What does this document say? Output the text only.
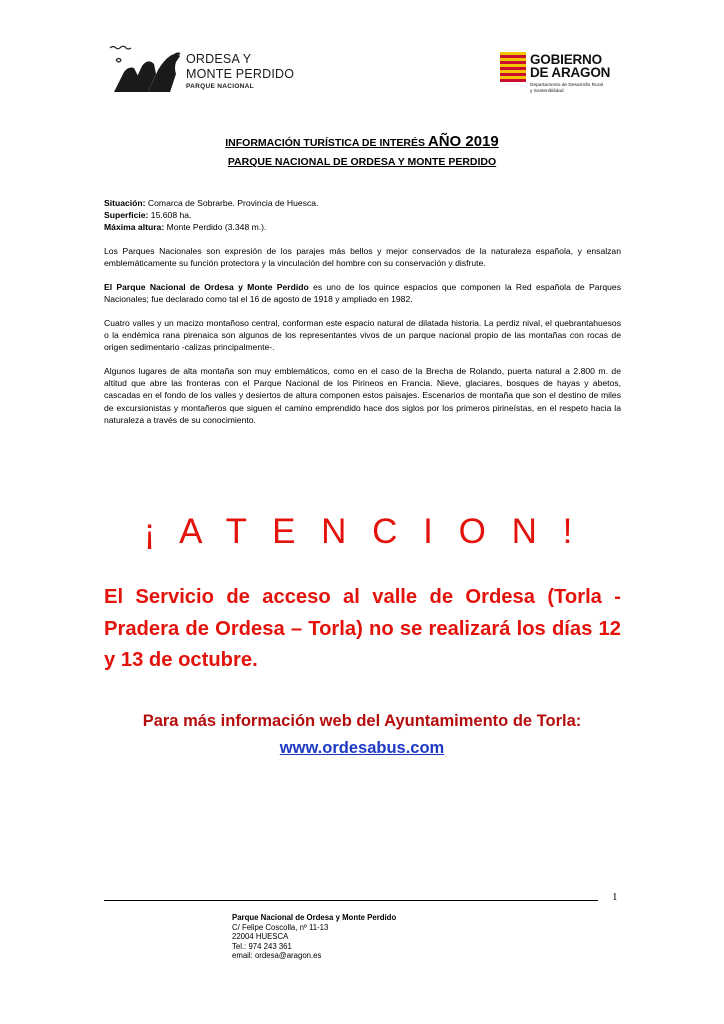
ORDESA Y
MONTE PERDIDO
PARQUE NACIONAL
GOBIERNO
DE ARAGON
Departamento de Desarrollo Rural
y Sostenibilidad
INFORMACIÓN TURÍSTICA DE INTERÉS AÑO 2019
PARQUE NACIONAL DE ORDESA Y MONTE PERDIDO
Situación: Comarca de Sobrarbe. Provincia de Huesca.
Superficie: 15.608 ha.
Máxima altura: Monte Perdido (3.348 m.).

Los Parques Nacionales son expresión de los parajes más bellos y mejor conservados de la naturaleza española, y ensalzan emblemáticamente su función protectora y la vinculación del hombre con su conservación y disfrute.

El Parque Nacional de Ordesa y Monte Perdido es uno de los quince espacios que componen la Red española de Parques Nacionales; fue declarado como tal el 16 de agosto de 1918 y ampliado en 1982.

Cuatro valles y un macizo montañoso central, conforman este espacio natural de dilatada historia. La perdiz nival, el quebrantahuesos o la endémica rana pirenaica son algunos de los representantes vivos de un parque nacional propio de las montañas con rocas de origen sedimentario -calizas principalmente-.

Algunos lugares de alta montaña son muy emblemáticos, como en el caso de la Brecha de Rolando, puerta natural a 2.800 m. de altitud que abre las fronteras con el Parque Nacional de los Pirineos en Francia. Nieve, glaciares, bosques de hayas y abetos, cascadas en el fondo de los valles y desiertos de altura componen estos paisajes. Escenarios de montaña que son el destino de miles de excursionistas y montañeros que siguen el camino emprendido hace dos siglos por los primeros pirineístas, en el respeto hacia la naturaleza a través de su conocimiento.

¡ A T E N C I O N !
El Servicio de acceso al valle de Ordesa (Torla - Pradera de Ordesa – Torla) no se realizará los días 12 y 13 de octubre.
Para más información web del Ayuntamimento de Torla:
www.ordesabus.com
1
Parque Nacional de Ordesa y Monte Perdido
C/ Felipe Coscolla, nº 11-13
22004 HUESCA
Tel.: 974 243 361
email: ordesa@aragon.es
